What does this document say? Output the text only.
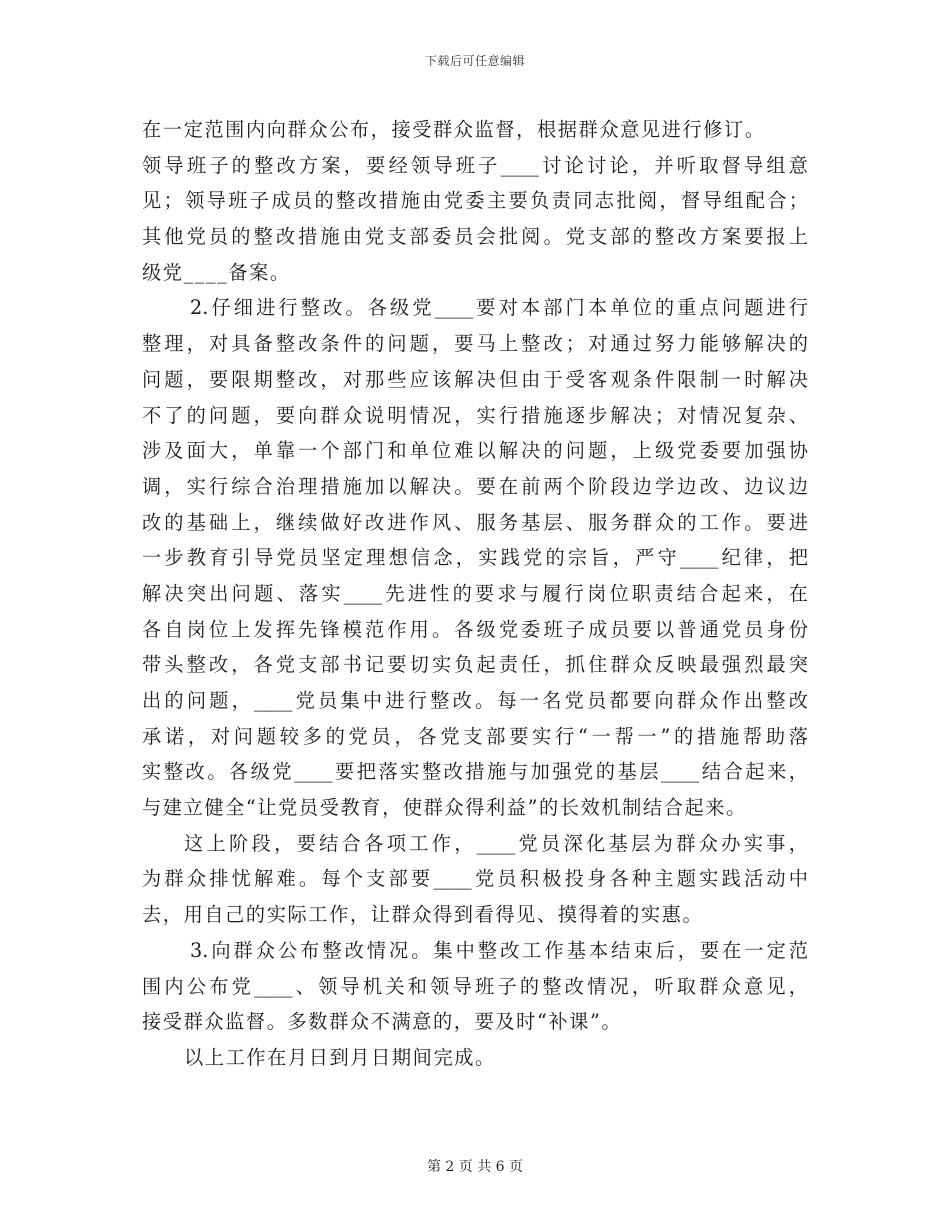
下载后可任意编辑
在一定范围内向群众公布，接受群众监督，根据群众意见进行修订。
领导班子的整改方案，要经领导班子____讨论讨论，并听取督导组意
见；领导班子成员的整改措施由党委主要负责同志批阅，督导组配合；
其他党员的整改措施由党支部委员会批阅。党支部的整改方案要报上
级党____备案。
2.仔细进行整改。各级党____要对本部门本单位的重点问题进行
整理，对具备整改条件的问题，要马上整改；对通过努力能够解决的
问题，要限期整改，对那些应该解决但由于受客观条件限制一时解决
不了的问题，要向群众说明情况，实行措施逐步解决；对情况复杂、
涉及面大，单靠一个部门和单位难以解决的问题，上级党委要加强协
调，实行综合治理措施加以解决。要在前两个阶段边学边改、边议边
改的基础上，继续做好改进作风、服务基层、服务群众的工作。要进
一步教育引导党员坚定理想信念，实践党的宗旨，严守____纪律，把
解决突出问题、落实____先进性的要求与履行岗位职责结合起来，在
各自岗位上发挥先锋模范作用。各级党委班子成员要以普通党员身份
带头整改，各党支部书记要切实负起责任，抓住群众反映最强烈最突
出的问题，____党员集中进行整改。每一名党员都要向群众作出整改
承诺，对问题较多的党员，各党支部要实行“一帮一”的措施帮助落
实整改。各级党____要把落实整改措施与加强党的基层____结合起来，
与建立健全“让党员受教育，使群众得利益”的长效机制结合起来。
这上阶段，要结合各项工作，____党员深化基层为群众办实事，
为群众排忧解难。每个支部要____党员积极投身各种主题实践活动中
去，用自己的实际工作，让群众得到看得见、摸得着的实惠。
3.向群众公布整改情况。集中整改工作基本结束后，要在一定范
围内公布党____、领导机关和领导班子的整改情况，听取群众意见，
接受群众监督。多数群众不满意的，要及时“补课”。
以上工作在月日到月日期间完成。
第 2 页 共 6 页
